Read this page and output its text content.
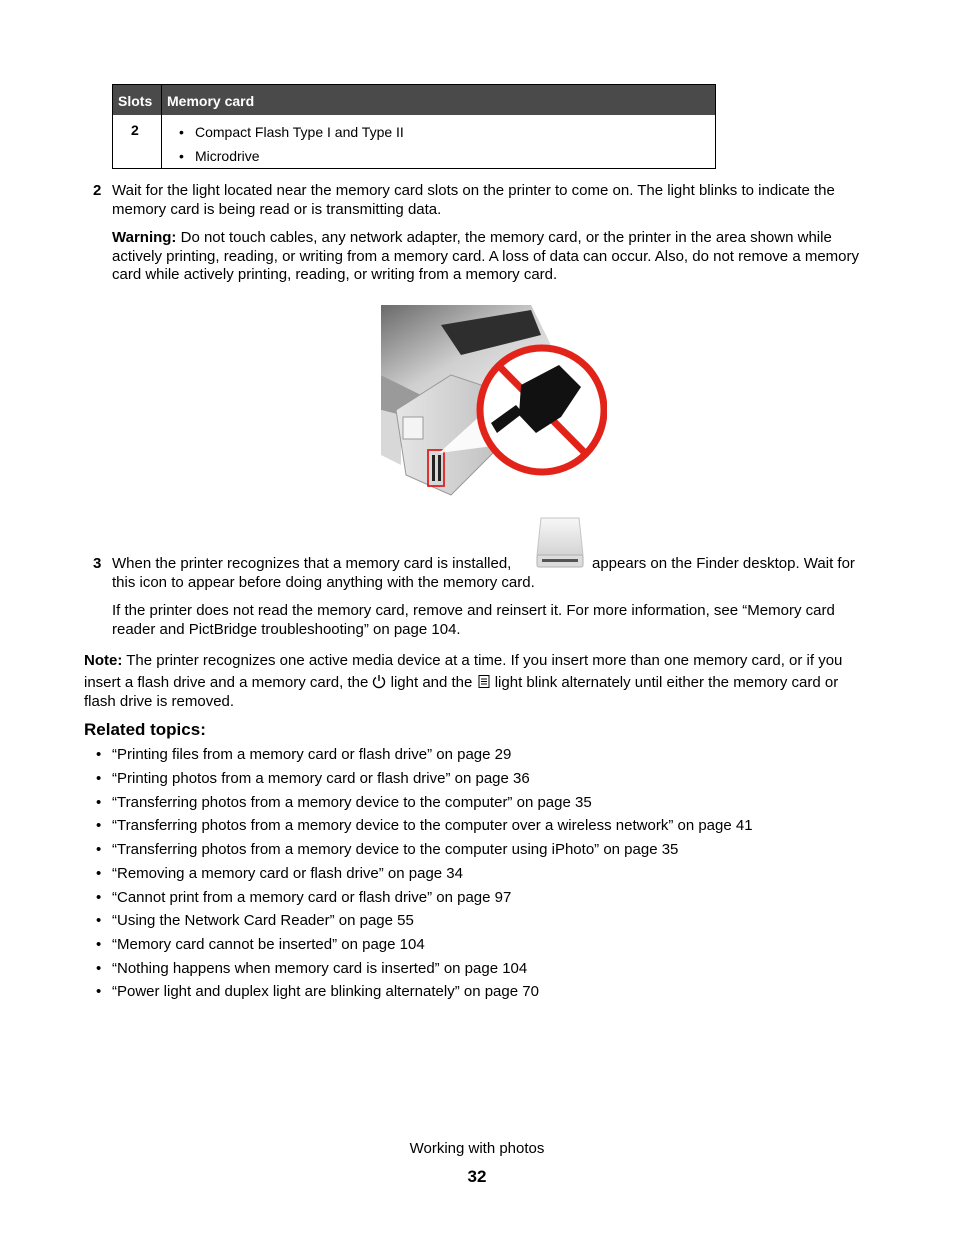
Slots Memory card
2	• Compact Flash Type I and Type II
• Microdrive
2 Wait for the light located near the memory card slots on the printer to come on. The light blinks to indicate the
memory card is being read or is transmitting data.
Warning: Do not touch cables, any network adapter, the memory card, or the printer in the area shown while
actively printing, reading, or writing from a memory card. A loss of data can occur. Also, do not remove a memory
card while actively printing, reading, or writing from a memory card.
3 When the printer recognizes that a memory card is installed,	appears on the Finder desktop. Wait for
this icon to appear before doing anything with the memory card.
If the printer does not read the memory card, remove and reinsert it. For more information, see “Memory card
reader and PictBridge troubleshooting” on page 104.
Note: The printer recognizes one active media device at a time. If you insert more than one memory card, or if you
insert a flash drive and a memory card, the light and the light blink alternately until either the memory card or
flash drive is removed.
Related topics:
• “Printing files from a memory card or flash drive” on page 29
• “Printing photos from a memory card or flash drive” on page 36
• “Transferring photos from a memory device to the computer” on page 35
• “Transferring photos from a memory device to the computer over a wireless network” on page 41
• “Transferring photos from a memory device to the computer using iPhoto” on page 35
• “Removing a memory card or flash drive” on page 34
• “Cannot print from a memory card or flash drive” on page 97
• “Using the Network Card Reader” on page 55
• “Memory card cannot be inserted” on page 104
• “Nothing happens when memory card is inserted” on page 104
• “Power light and duplex light are blinking alternately” on page 70
Working with photos
32
